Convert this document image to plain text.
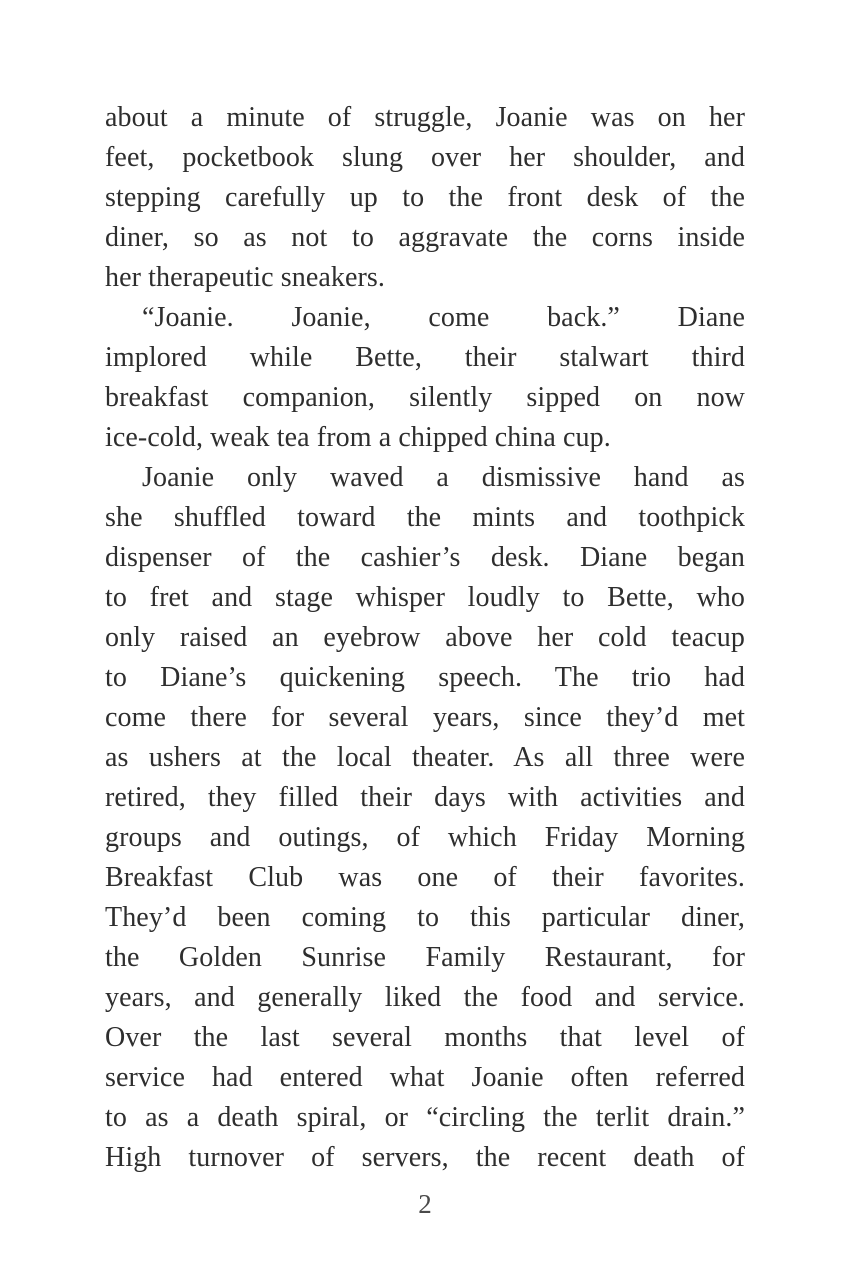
about a minute of struggle, Joanie was on her
feet, pocketbook slung over her shoulder, and
stepping carefully up to the front desk of the
diner, so as not to aggravate the corns inside
her therapeutic sneakers.
“Joanie. Joanie, come back.” Diane
implored while Bette, their stalwart third
breakfast companion, silently sipped on now
ice-cold, weak tea from a chipped china cup.
Joanie only waved a dismissive hand as
she shuffled toward the mints and toothpick
dispenser of the cashier’s desk. Diane began
to fret and stage whisper loudly to Bette, who
only raised an eyebrow above her cold teacup
to Diane’s quickening speech. The trio had
come there for several years, since they’d met
as ushers at the local theater. As all three were
retired, they filled their days with activities and
groups and outings, of which Friday Morning
Breakfast Club was one of their favorites.
They’d been coming to this particular diner,
the Golden Sunrise Family Restaurant, for
years, and generally liked the food and service.
Over the last several months that level of
service had entered what Joanie often referred
to as a death spiral, or “circling the terlit drain.”
High turnover of servers, the recent death of
2
